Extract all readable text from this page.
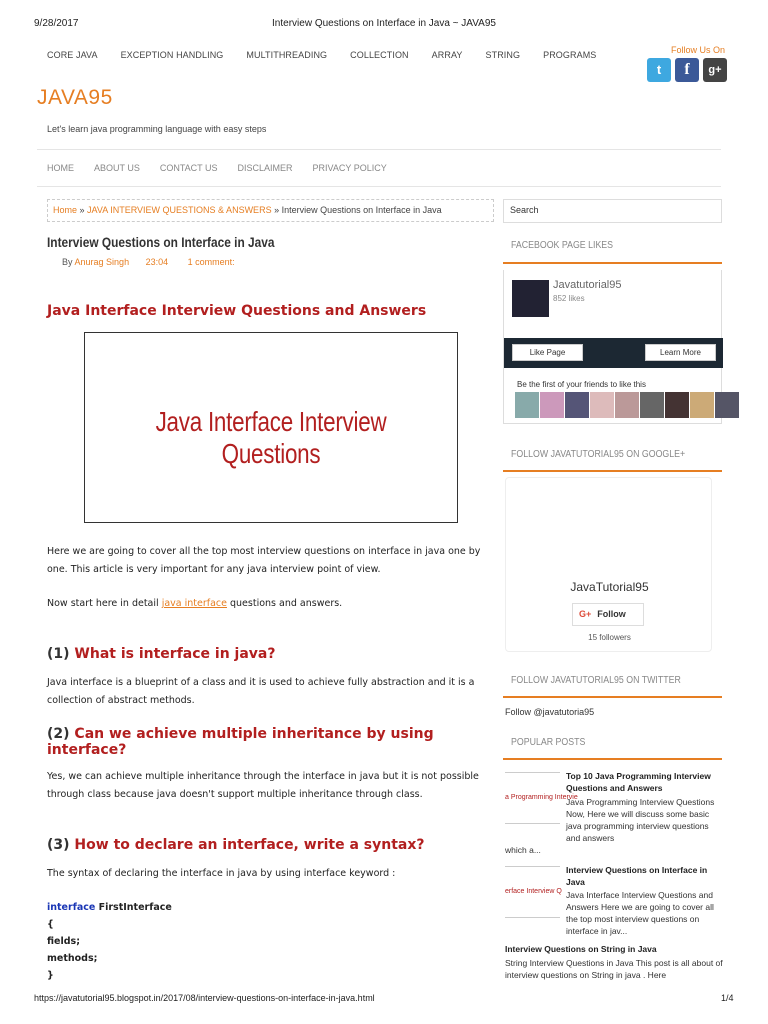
9/28/2017	Interview Questions on Interface in Java ~ JAVA95
CORE JAVA	EXCEPTION HANDLING	MULTITHREADING	COLLECTION	ARRAY	STRING	PROGRAMS	Follow Us On
t	f	g+
JAVA95
Let's learn java programming language with easy steps
HOME ABOUT US CONTACT US DISCLAIMER PRIVACY POLICY
Home » JAVA INTERVIEW QUESTIONS & ANSWERS » Interview Questions on Interface in Java	Search
Interview Questions on Interface in Java
By Anurag Singh 23:04 1 comment:
Java Interface Interview Questions and Answers
Java Interface Interview Questions

Here we are going to cover all the top most interview questions on interface in java one by one. This article is very important for any java interview point of view.

Now start here in detail java interface questions and answers.

(1) What is interface in java?

Java interface is a blueprint of a class and it is used to achieve fully abstraction and it is a collection of abstract methods.

(2) Can we achieve multiple inheritance by using interface?

Yes, we can achieve multiple inheritance through the interface in java but it is not possible through class because java doesn't support multiple inheritance through class.

(3) How to declare an interface, write a syntax?

The syntax of declaring the interface in java by using interface keyword :

interface FirstInterface
{
fields;
methods;
}
FACEBOOK PAGE LIKES
Javatutorial95
852 likes
Like Page	Learn More
Be the first of your friends to like this
FOLLOW JAVATUTORIAL95 ON GOOGLE+
JavaTutorial95
G+ Follow
15 followers
FOLLOW JAVATUTORIAL95 ON TWITTER
Follow @javatutoria95
POPULAR POSTS
a Programming Intervie
Top 10 Java Programming Interview Questions and Answers
Java Programming Interview Questions Now, Here we will discuss some basic java programming interview questions and answers
which a...
erface Interview Q
Interview Questions on Interface in Java
Java Interface Interview Questions and Answers Here we are going to cover all the top most interview questions on interface in jav...
Interview Questions on String in Java
String Interview Questions in Java This post is all about of interview questions on String in java . Here
https://javatutorial95.blogspot.in/2017/08/interview-questions-on-interface-in-java.html	1/4
